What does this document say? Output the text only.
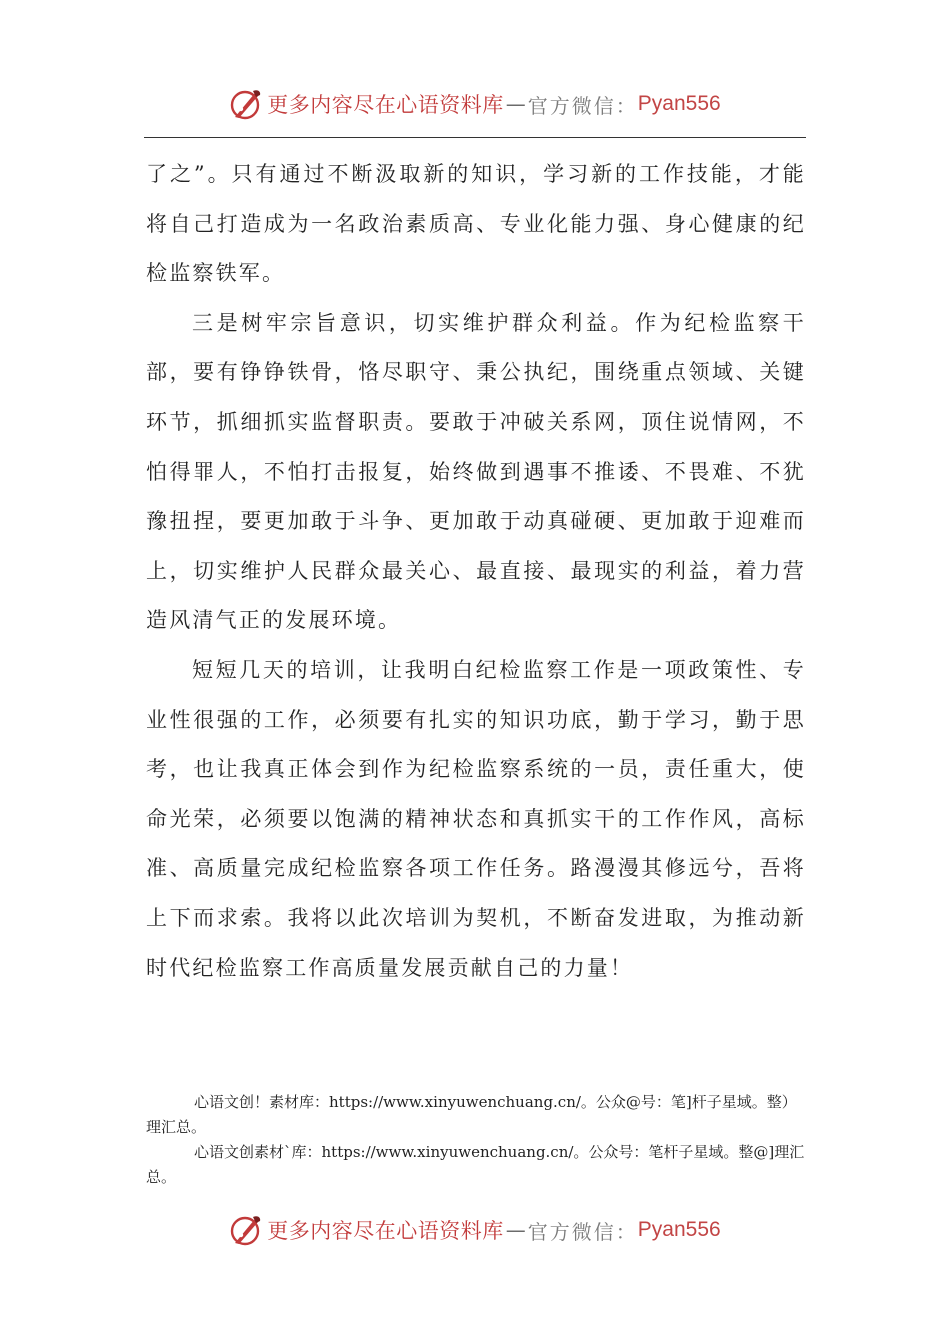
更多内容尽在心语资料库 — 官方微信： Pyan556

了之”。只有通过不断汲取新的知识，学习新的工作技能，才能将自己打造成为一名政治素质高、专业化能力强、身心健康的纪检监察铁军。

三是树牢宗旨意识，切实维护群众利益。作为纪检监察干部，要有铮铮铁骨，恪尽职守、秉公执纪，围绕重点领域、关键环节，抓细抓实监督职责。要敢于冲破关系网，顶住说情网，不怕得罪人，不怕打击报复，始终做到遇事不推诿、不畏难、不犹豫扭捏，要更加敢于斗争、更加敢于动真碰硬、更加敢于迎难而上，切实维护人民群众最关心、最直接、最现实的利益，着力营造风清气正的发展环境。

短短几天的培训，让我明白纪检监察工作是一项政策性、专业性很强的工作，必须要有扎实的知识功底，勤于学习，勤于思考，也让我真正体会到作为纪检监察系统的一员，责任重大，使命光荣，必须要以饱满的精神状态和真抓实干的工作作风，高标准、高质量完成纪检监察各项工作任务。路漫漫其修远兮，吾将上下而求索。我将以此次培训为契机，不断奋发进取，为推动新时代纪检监察工作高质量发展贡献自己的力量！

心语文创！素材库：https://www.xinyuwenchuang.cn/。公众@号：笔]杆子星域。整）理汇总。

心语文创素材`库：https://www.xinyuwenchuang.cn/。公众号：笔杆子星域。整@]理汇总。

更多内容尽在心语资料库 — 官方微信： Pyan556
